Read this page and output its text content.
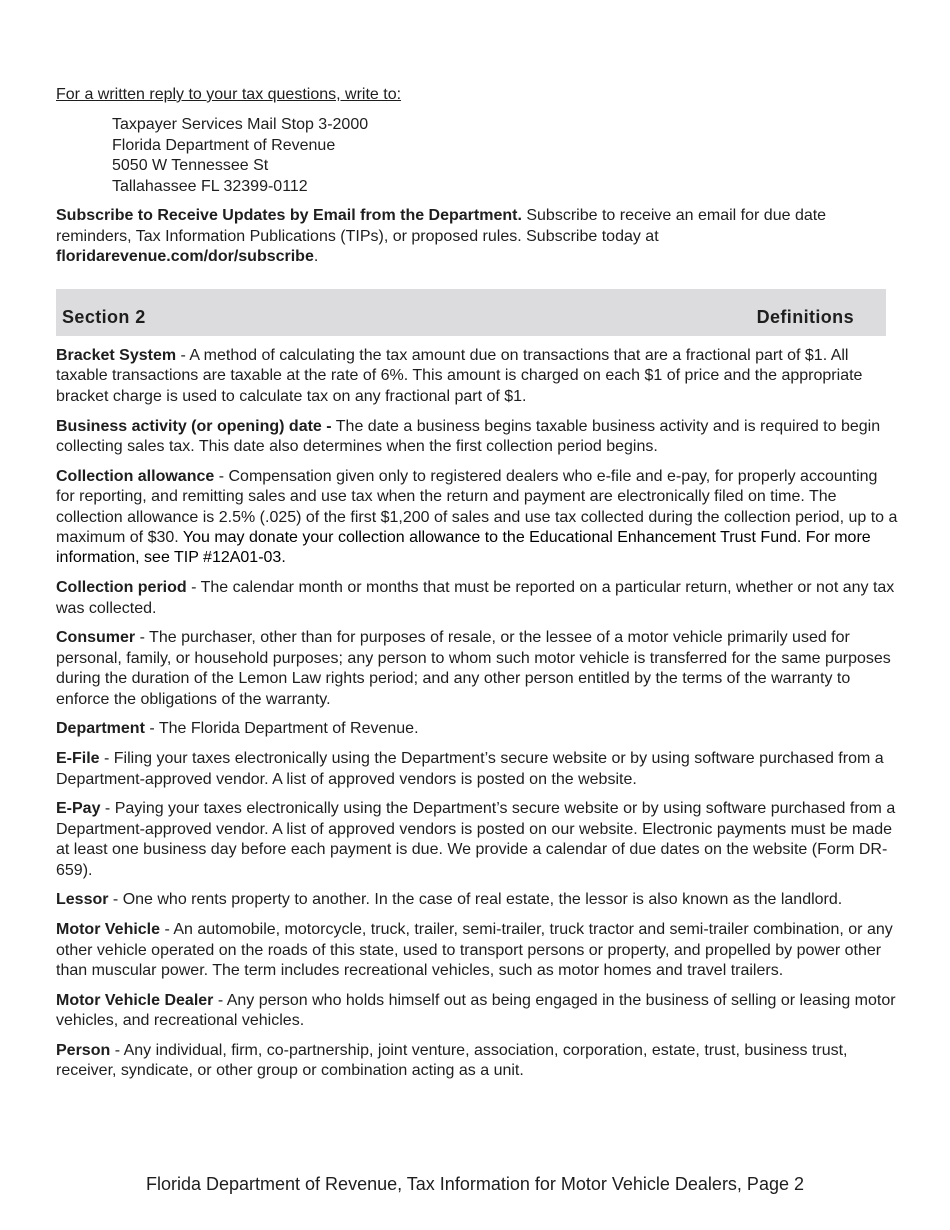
For a written reply to your tax questions, write to:

Taxpayer Services Mail Stop 3-2000
Florida Department of Revenue
5050 W Tennessee St
Tallahassee FL 32399-0112

Subscribe to Receive Updates by Email from the Department. Subscribe to receive an email for due date reminders, Tax Information Publications (TIPs), or proposed rules. Subscribe today at floridarevenue.com/dor/subscribe.

Section 2	Definitions

Bracket System - A method of calculating the tax amount due on transactions that are a fractional part of $1. All taxable transactions are taxable at the rate of 6%. This amount is charged on each $1 of price and the appropriate bracket charge is used to calculate tax on any fractional part of $1.

Business activity (or opening) date - The date a business begins taxable business activity and is required to begin collecting sales tax. This date also determines when the first collection period begins.

Collection allowance - Compensation given only to registered dealers who e-file and e-pay, for properly accounting for reporting, and remitting sales and use tax when the return and payment are electronically filed on time. The collection allowance is 2.5% (.025) of the first $1,200 of sales and use tax collected during the collection period, up to a maximum of $30. You may donate your collection allowance to the Educational Enhancement Trust Fund. For more information, see TIP #12A01-03.

Collection period - The calendar month or months that must be reported on a particular return, whether or not any tax was collected.

Consumer - The purchaser, other than for purposes of resale, or the lessee of a motor vehicle primarily used for personal, family, or household purposes; any person to whom such motor vehicle is transferred for the same purposes during the duration of the Lemon Law rights period; and any other person entitled by the terms of the warranty to enforce the obligations of the warranty.

Department - The Florida Department of Revenue.

E-File - Filing your taxes electronically using the Department’s secure website or by using software purchased from a Department-approved vendor. A list of approved vendors is posted on the website.

E-Pay - Paying your taxes electronically using the Department’s secure website or by using software purchased from a Department-approved vendor. A list of approved vendors is posted on our website. Electronic payments must be made at least one business day before each payment is due. We provide a calendar of due dates on the website (Form DR-659).

Lessor - One who rents property to another. In the case of real estate, the lessor is also known as the landlord.

Motor Vehicle - An automobile, motorcycle, truck, trailer, semi-trailer, truck tractor and semi-trailer combination, or any other vehicle operated on the roads of this state, used to transport persons or property, and propelled by power other than muscular power. The term includes recreational vehicles, such as motor homes and travel trailers.

Motor Vehicle Dealer - Any person who holds himself out as being engaged in the business of selling or leasing motor vehicles, and recreational vehicles.

Person - Any individual, firm, co-partnership, joint venture, association, corporation, estate, trust, business trust, receiver, syndicate, or other group or combination acting as a unit.

Florida Department of Revenue, Tax Information for Motor Vehicle Dealers, Page 2
